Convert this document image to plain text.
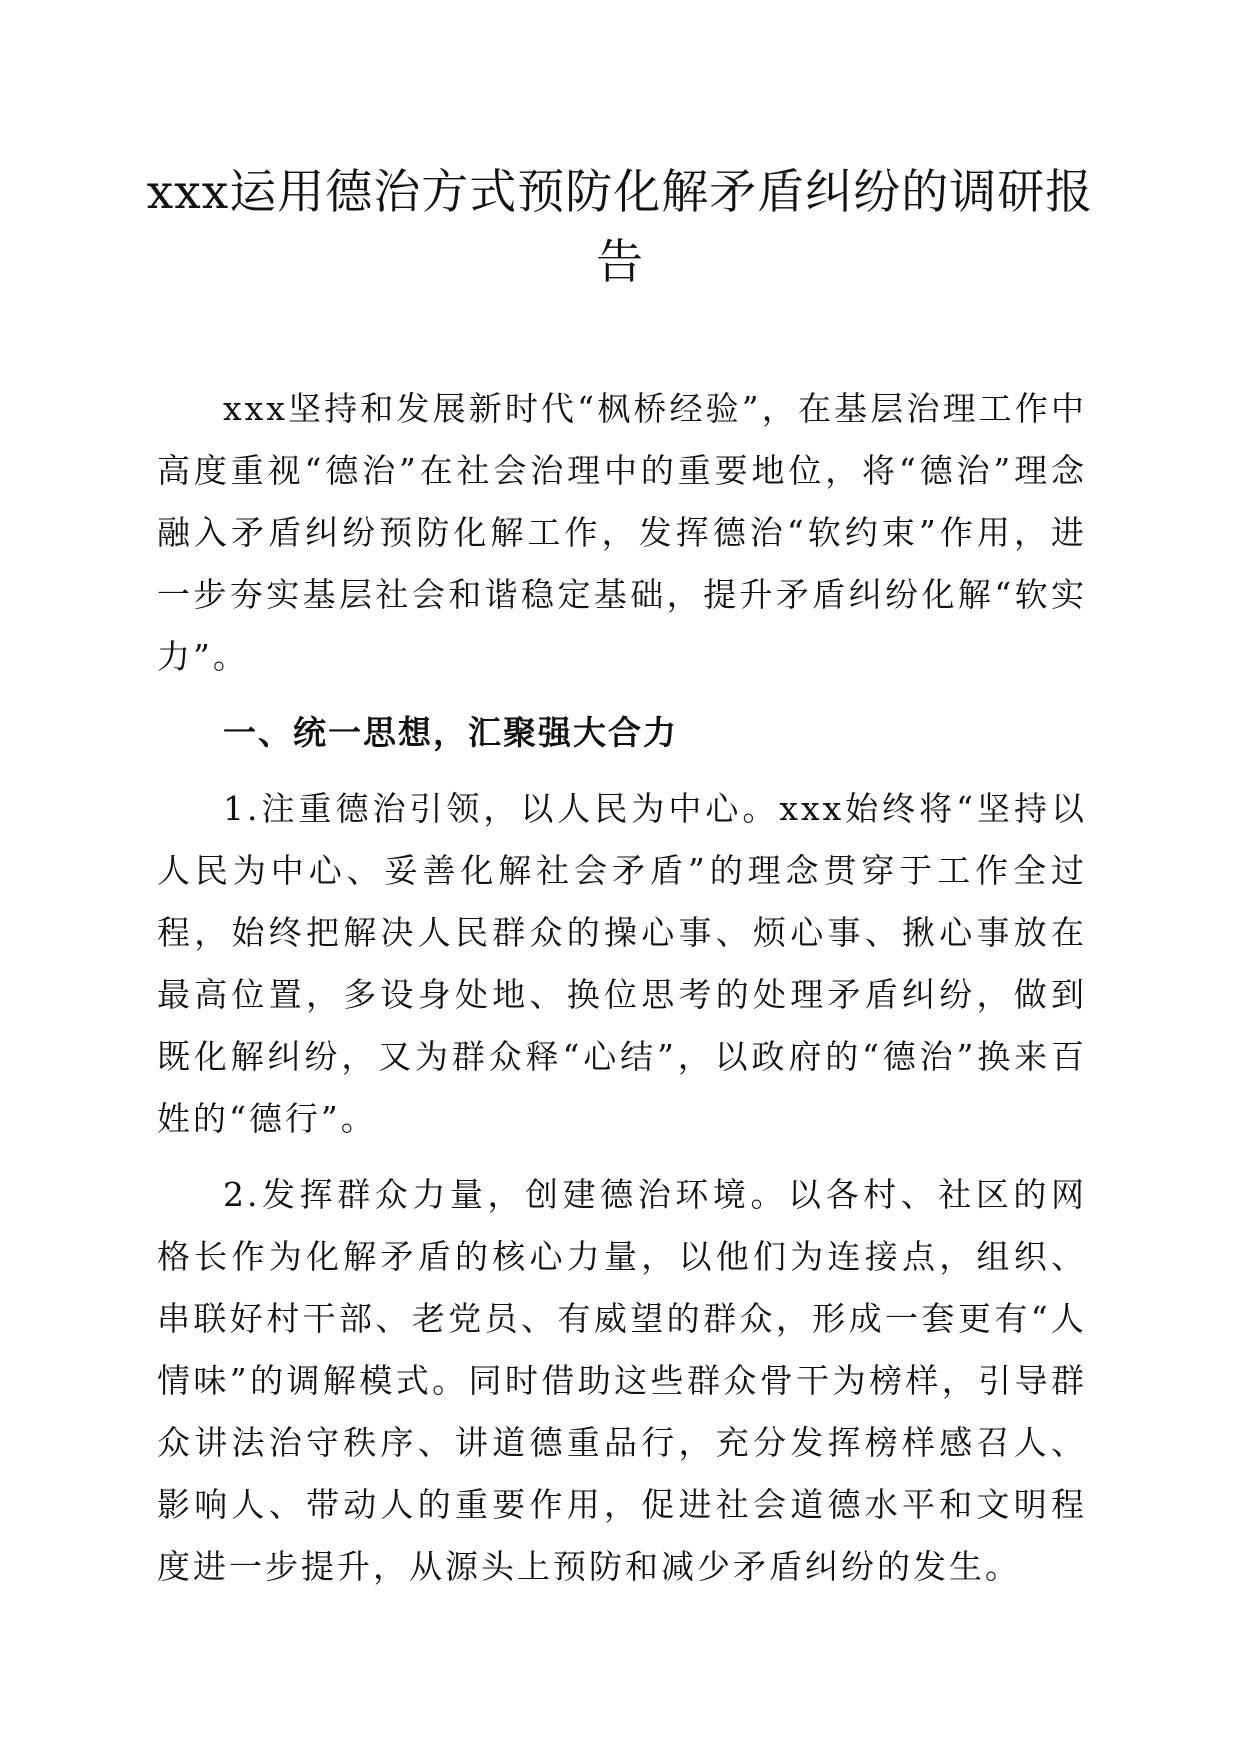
xxx运用德治方式预防化解矛盾纠纷的调研报告

xxx坚持和发展新时代“枫桥经验”，在基层治理工作中高度重视“德治”在社会治理中的重要地位，将“德治”理念融入矛盾纠纷预防化解工作，发挥德治“软约束”作用，进一步夯实基层社会和谐稳定基础，提升矛盾纠纷化解“软实力”。

一、统一思想，汇聚强大合力

1.注重德治引领，以人民为中心。xxx始终将“坚持以人民为中心、妥善化解社会矛盾”的理念贯穿于工作全过程，始终把解决人民群众的操心事、烦心事、揪心事放在最高位置，多设身处地、换位思考的处理矛盾纠纷，做到既化解纠纷，又为群众释“心结”，以政府的“德治”换来百姓的“德行”。

2.发挥群众力量，创建德治环境。以各村、社区的网格长作为化解矛盾的核心力量，以他们为连接点，组织、串联好村干部、老党员、有威望的群众，形成一套更有“人情味”的调解模式。同时借助这些群众骨干为榜样，引导群众讲法治守秩序、讲道德重品行，充分发挥榜样感召人、影响人、带动人的重要作用，促进社会道德水平和文明程度进一步提升，从源头上预防和减少矛盾纠纷的发生。
